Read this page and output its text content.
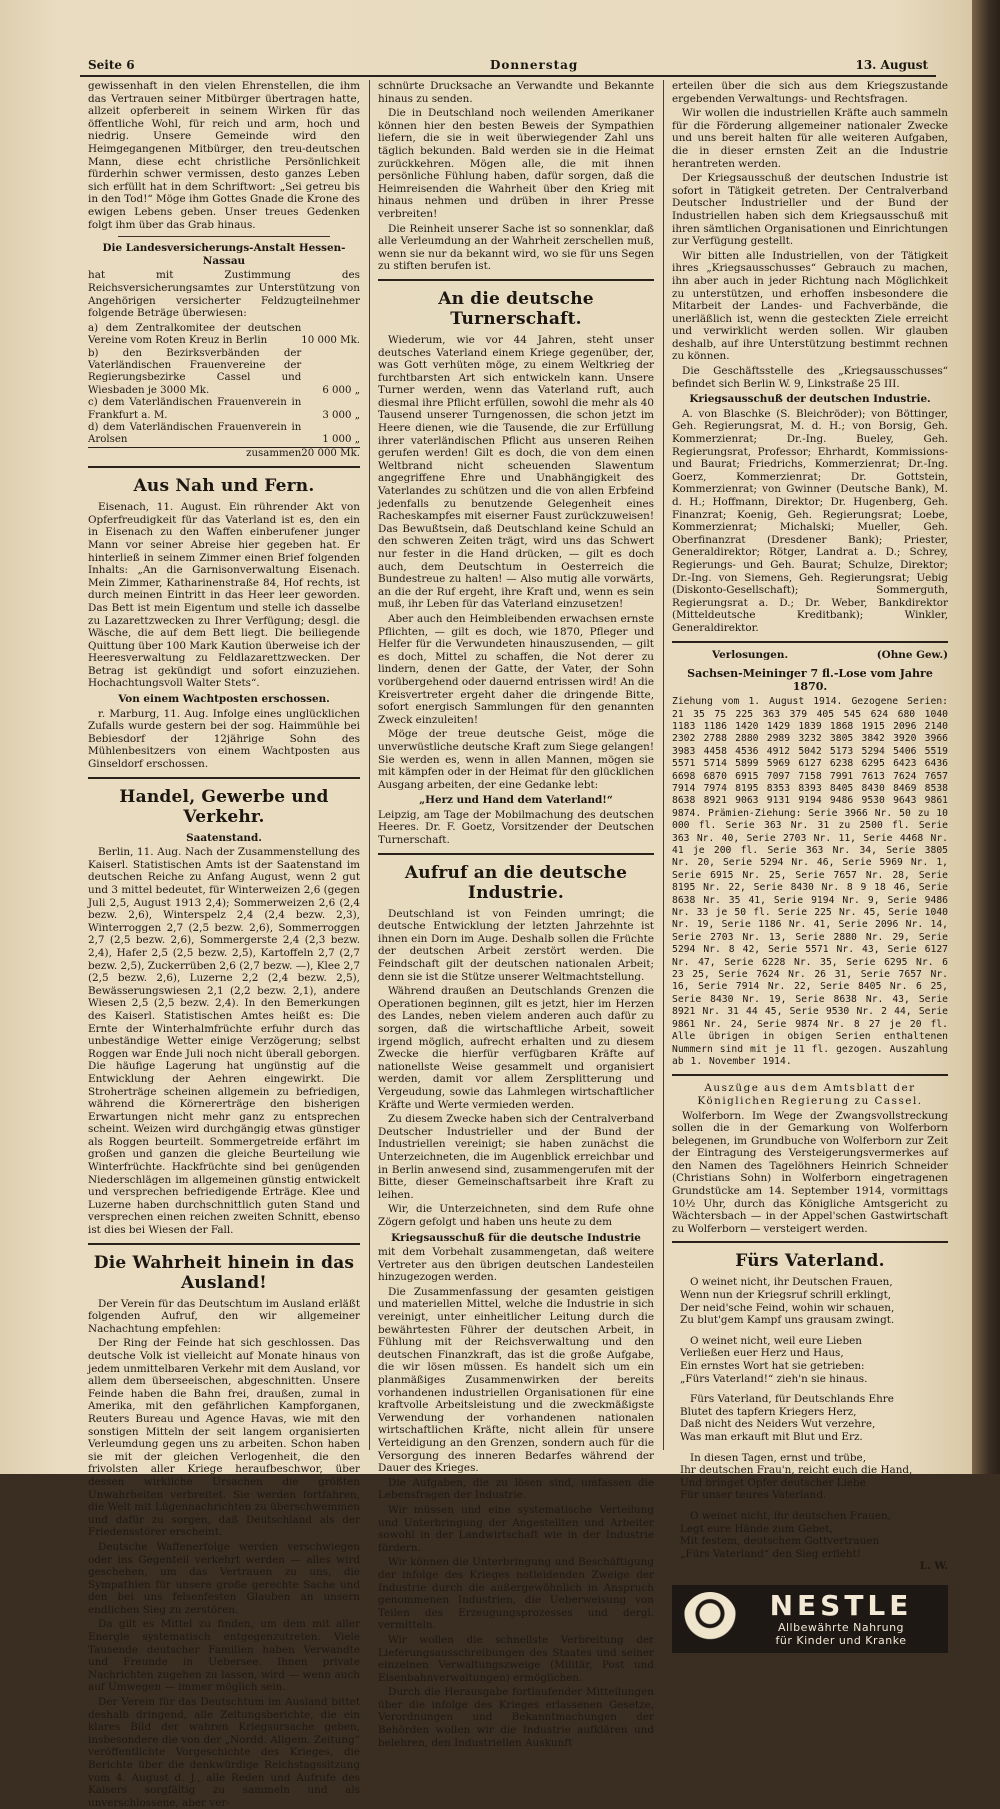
Seite 6	Donnerstag	13. August

gewissenhaft in den vielen Ehrenstellen, die ihm das Vertrauen seiner Mitbürger übertragen hatte, allzeit opferbereit in seinem Wirken für das öffentliche Wohl, für reich und arm, hoch und niedrig. Unsere Gemeinde wird den Heimgegangenen Mitbürger, den treu-deutschen Mann, diese echt christliche Persönlichkeit fürderhin schwer vermissen, desto ganzes Leben sich erfüllt hat in dem Schriftwort: „Sei getreu bis in den Tod!“ Möge ihm Gottes Gnade die Krone des ewigen Lebens geben. Unser treues Gedenken folgt ihm über das Grab hinaus.

Die Landesversicherungs-Anstalt Hessen-Nassau

hat mit Zustimmung des Reichsversicherungsamtes zur Unterstützung von Angehörigen versicherter Feldzugteilnehmer folgende Beträge überwiesen:

a) dem Zentralkomitee der deutschen Vereine vom Roten Kreuz in Berlin	10 000 Mk.
b) den Bezirksverbänden der Vaterländischen Frauenvereine der Regierungsbezirke Cassel und Wiesbaden je 3000 Mk.	6 000 „
c) dem Vaterländischen Frauenverein in Frankfurt a. M.	3 000 „
d) dem Vaterländischen Frauenverein in Arolsen	1 000 „
zusammen	20 000 Mk.
Aus Nah und Fern.

Eisenach, 11. August. Ein rührender Akt von Opferfreudigkeit für das Vaterland ist es, den ein in Eisenach zu den Waffen einberufener junger Mann vor seiner Abreise hier gegeben hat. Er hinterließ in seinem Zimmer einen Brief folgenden Inhalts: „An die Garnisonverwaltung Eisenach. Mein Zimmer, Katharinenstraße 84, Hof rechts, ist durch meinen Eintritt in das Heer leer geworden. Das Bett ist mein Eigentum und stelle ich dasselbe zu Lazarettzwecken zu Ihrer Verfügung; desgl. die Wäsche, die auf dem Bett liegt. Die beiliegende Quittung über 100 Mark Kaution überweise ich der Heeresverwaltung zu Feldlazarettzwecken. Der Betrag ist gekündigt und sofort einzuziehen. Hochachtungsvoll Walter Stets“.

Von einem Wachtposten erschossen.

r. Marburg, 11. Aug. Infolge eines unglücklichen Zufalls wurde gestern bei der sog. Haimmühle bei Bebiesdorf der 12jährige Sohn des Mühlenbesitzers von einem Wachtposten aus Ginseldorf erschossen.

Handel, Gewerbe und Verkehr.
Saatenstand.

Berlin, 11. Aug. Nach der Zusammenstellung des Kaiserl. Statistischen Amts ist der Saatenstand im deutschen Reiche zu Anfang August, wenn 2 gut und 3 mittel bedeutet, für Winterweizen 2,6 (gegen Juli 2,5, August 1913 2,4); Sommerweizen 2,6 (2,4 bezw. 2,6), Winterspelz 2,4 (2,4 bezw. 2,3), Winterroggen 2,7 (2,5 bezw. 2,6), Sommerroggen 2,7 (2,5 bezw. 2,6), Sommergerste 2,4 (2,3 bezw. 2,4), Hafer 2,5 (2,5 bezw. 2,5), Kartoffeln 2,7 (2,7 bezw. 2,5), Zuckerrüben 2,6 (2,7 bezw. —), Klee 2,7 (2,5 bezw. 2,6), Luzerne 2,2 (2,4 bezw. 2,5), Bewässerungswiesen 2,1 (2,2 bezw. 2,1), andere Wiesen 2,5 (2,5 bezw. 2,4). In den Bemerkungen des Kaiserl. Statistischen Amtes heißt es: Die Ernte der Winterhalmfrüchte erfuhr durch das unbeständige Wetter einige Verzögerung; selbst Roggen war Ende Juli noch nicht überall geborgen. Die häufige Lagerung hat ungünstig auf die Entwicklung der Aehren eingewirkt. Die Stroherträge scheinen allgemein zu befriedigen, während die Körnererträge den bisherigen Erwartungen nicht mehr ganz zu entsprechen scheint. Weizen wird durchgängig etwas günstiger als Roggen beurteilt. Sommergetreide erfährt im großen und ganzen die gleiche Beurteilung wie Winterfrüchte. Hackfrüchte sind bei genügenden Niederschlägen im allgemeinen günstig entwickelt und versprechen befriedigende Erträge. Klee und Luzerne haben durchschnittlich guten Stand und versprechen einen reichen zweiten Schnitt, ebenso ist dies bei Wiesen der Fall.

Die Wahrheit hinein in das Ausland!

Der Verein für das Deutschtum im Ausland erläßt folgenden Aufruf, den wir allgemeiner Nachachtung empfehlen:

Der Ring der Feinde hat sich geschlossen. Das deutsche Volk ist vielleicht auf Monate hinaus von jedem unmittelbaren Verkehr mit dem Ausland, vor allem dem überseeischen, abgeschnitten. Unsere Feinde haben die Bahn frei, draußen, zumal in Amerika, mit den gefährlichen Kampforganen, Reuters Bureau und Agence Havas, wie mit den sonstigen Mitteln der seit langem organisierten Verleumdung gegen uns zu arbeiten. Schon haben sie mit der gleichen Verlogenheit, die den frivolsten aller Kriege heraufbeschwor, über dessen wirkliche Ursachen die größten Unwahrheiten verbreitet. Sie werden fortfahren, die Welt mit Lügennachrichten zu überschwemmen und dafür zu sorgen, daß Deutschland als der Friedensstörer erscheint.

Deutsche Waffenerfolge werden verschwiegen oder ins Gegenteil verkehrt werden — alles wird geschehen, um das Vertrauen zu uns, die Sympathien für unsere große gerechte Sache und den bei uns felsenfesten Glauben an unsern endlichen Sieg zu zerstören.

Da gilt es Mittel zu finden, um dem mit aller Energie systematisch entgegenzutreten. Viele Tausende deutscher Familien haben Verwandte und Freunde in Uebersee. Ihnen private Nachrichten zugehen zu lassen, wird — wenn auch auf Umwegen — immer möglich sein.

Der Verein für das Deutschtum im Ausland bittet deshalb dringend, alle Zeitungsberichte, die ein klares Bild der wahren Kriegsursache geben, insbesondere die von der „Nordd. Allgem. Zeitung“ veröffentlichte Vorgeschichte des Krieges, die Berichte über die denkwürdige Reichstagssitzung vom 4. August d. J., alle Reden und Aufrufe des Kaisers sorgfältig zu sammeln und als unverschlossene, aber ver-

schnürte Drucksache an Verwandte und Bekannte hinaus zu senden.

Die in Deutschland noch weilenden Amerikaner können hier den besten Beweis der Sympathien liefern, die sie in weit überwiegender Zahl uns täglich bekunden. Bald werden sie in die Heimat zurückkehren. Mögen alle, die mit ihnen persönliche Fühlung haben, dafür sorgen, daß die Heimreisenden die Wahrheit über den Krieg mit hinaus nehmen und drüben in ihrer Presse verbreiten!

Die Reinheit unserer Sache ist so sonnenklar, daß alle Verleumdung an der Wahrheit zerschellen muß, wenn sie nur da bekannt wird, wo sie für uns Segen zu stiften berufen ist.

An die deutsche Turnerschaft.

Wiederum, wie vor 44 Jahren, steht unser deutsches Vaterland einem Kriege gegenüber, der, was Gott verhüten möge, zu einem Weltkrieg der furchtbarsten Art sich entwickeln kann. Unsere Turner werden, wenn das Vaterland ruft, auch diesmal ihre Pflicht erfüllen, sowohl die mehr als 40 Tausend unserer Turngenossen, die schon jetzt im Heere dienen, wie die Tausende, die zur Erfüllung ihrer vaterländischen Pflicht aus unseren Reihen gerufen werden! Gilt es doch, die von dem einen Weltbrand nicht scheuenden Slawentum angegriffene Ehre und Unabhängigkeit des Vaterlandes zu schützen und die von allen Erbfeind jedenfalls zu benutzende Gelegenheit eines Racheskampfes mit eiserner Faust zurückzuweisen! Das Bewußtsein, daß Deutschland keine Schuld an den schweren Zeiten trägt, wird uns das Schwert nur fester in die Hand drücken, — gilt es doch auch, dem Deutschtum in Oesterreich die Bundestreue zu halten! — Also mutig alle vorwärts, an die der Ruf ergeht, ihre Kraft und, wenn es sein muß, ihr Leben für das Vaterland einzusetzen!

Aber auch den Heimbleibenden erwachsen ernste Pflichten, — gilt es doch, wie 1870, Pfleger und Helfer für die Verwundeten hinauszusenden, — gilt es doch, Mittel zu schaffen, die Not derer zu lindern, denen der Gatte, der Vater, der Sohn vorübergehend oder dauernd entrissen wird! An die Kreisvertreter ergeht daher die dringende Bitte, sofort energisch Sammlungen für den genannten Zweck einzuleiten!

Möge der treue deutsche Geist, möge die unverwüstliche deutsche Kraft zum Siege gelangen! Sie werden es, wenn in allen Mannen, mögen sie mit kämpfen oder in der Heimat für den glücklichen Ausgang arbeiten, der eine Gedanke lebt:

„Herz und Hand dem Vaterland!“

Leipzig, am Tage der Mobilmachung des deutschen Heeres. Dr. F. Goetz, Vorsitzender der Deutschen Turnerschaft.

Aufruf an die deutsche Industrie.

Deutschland ist von Feinden umringt; die deutsche Entwicklung der letzten Jahrzehnte ist ihnen ein Dorn im Auge. Deshalb sollen die Früchte der deutschen Arbeit zerstört werden. Die Feindschaft gilt der deutschen nationalen Arbeit; denn sie ist die Stütze unserer Weltmachtstellung.

Während draußen an Deutschlands Grenzen die Operationen beginnen, gilt es jetzt, hier im Herzen des Landes, neben vielem anderen auch dafür zu sorgen, daß die wirtschaftliche Arbeit, soweit irgend möglich, aufrecht erhalten und zu diesem Zwecke die hierfür verfügbaren Kräfte auf nationellste Weise gesammelt und organisiert werden, damit vor allem Zersplitterung und Vergeudung, sowie das Lahmlegen wirtschaftlicher Kräfte und Werte vermieden werden.

Zu diesem Zwecke haben sich der Centralverband Deutscher Industrieller und der Bund der Industriellen vereinigt; sie haben zunächst die Unterzeichneten, die im Augenblick erreichbar und in Berlin anwesend sind, zusammengerufen mit der Bitte, dieser Gemeinschaftsarbeit ihre Kraft zu leihen.

Wir, die Unterzeichneten, sind dem Rufe ohne Zögern gefolgt und haben uns heute zu dem

Kriegsausschuß für die deutsche Industrie

mit dem Vorbehalt zusammengetan, daß weitere Vertreter aus den übrigen deutschen Landesteilen hinzugezogen werden.

Die Zusammenfassung der gesamten geistigen und materiellen Mittel, welche die Industrie in sich vereinigt, unter einheitlicher Leitung durch die bewährtesten Führer der deutschen Arbeit, in Fühlung mit der Reichsverwaltung und den deutschen Finanzkraft, das ist die große Aufgabe, die wir lösen müssen. Es handelt sich um ein planmäßiges Zusammenwirken der bereits vorhandenen industriellen Organisationen für eine kraftvolle Arbeitsleistung und die zweckmäßigste Verwendung der vorhandenen nationalen wirtschaftlichen Kräfte, nicht allein für unsere Verteidigung an den Grenzen, sondern auch für die Versorgung des inneren Bedarfes während der Dauer des Krieges.

Die Aufgaben, die zu lösen sind, umfassen die Lebensfragen der Industrie.

Wir müssen und eine systematische Verteilung und Unterbringung der Angestellten und Arbeiter sowohl in der Landwirtschaft wie in der Industrie fördern.

Wir können die Unterbringung und Beschäftigung der infolge des Krieges notleidenden Zweige der Industrie durch die außergewöhnlich in Anspruch genommenen Industrien, die Ueberweisung von Teilen des Erzeugungsprozesses und dergl. vermitteln.

Wir wollen die schnellste Verbreitung der Lieferungsausschreibungen des Staates und seiner einzelnen Verwaltungszweige (Militär, Post und Eisenbahnverwaltungen) ermöglichen.

Durch die Herausgabe fortlaufender Mitteilungen über die infolge des Krieges erlassenen Gesetze, Verordnungen und Bekanntmachungen der Behörden wollen wir die Industrie aufklären und belehren, den Industriellen Auskunft

erteilen über die sich aus dem Kriegszustande ergebenden Verwaltungs- und Rechtsfragen.

Wir wollen die industriellen Kräfte auch sammeln für die Förderung allgemeiner nationaler Zwecke und uns bereit halten für alle weiteren Aufgaben, die in dieser ernsten Zeit an die Industrie herantreten werden.

Der Kriegsausschuß der deutschen Industrie ist sofort in Tätigkeit getreten. Der Centralverband Deutscher Industrieller und der Bund der Industriellen haben sich dem Kriegsausschuß mit ihren sämtlichen Organisationen und Einrichtungen zur Verfügung gestellt.

Wir bitten alle Industriellen, von der Tätigkeit ihres „Kriegsausschusses“ Gebrauch zu machen, ihn aber auch in jeder Richtung nach Möglichkeit zu unterstützen, und erhoffen insbesondere die Mitarbeit der Landes- und Fachverbände, die unerläßlich ist, wenn die gesteckten Ziele erreicht und verwirklicht werden sollen. Wir glauben deshalb, auf ihre Unterstützung bestimmt rechnen zu können.

Die Geschäftsstelle des „Kriegsausschusses“ befindet sich Berlin W. 9, Linkstraße 25 III.

Kriegsausschuß der deutschen Industrie.

A. von Blaschke (S. Bleichröder); von Böttinger, Geh. Regierungsrat, M. d. H.; von Borsig, Geh. Kommerzienrat; Dr.-Ing. Bueley, Geh. Regierungsrat, Professor; Ehrhardt, Kommissions- und Baurat; Friedrichs, Kommerzienrat; Dr.-Ing. Goerz, Kommerzienrat; Dr. Gottstein, Kommerzienrat; von Gwinner (Deutsche Bank), M. d. H.; Hoffmann, Direktor; Dr. Hugenberg, Geh. Finanzrat; Koenig, Geh. Regierungsrat; Loebe, Kommerzienrat; Michalski; Mueller, Geh. Oberfinanzrat (Dresdener Bank); Priester, Generaldirektor; Rötger, Landrat a. D.; Schrey, Regierungs- und Geh. Baurat; Schulze, Direktor; Dr.-Ing. von Siemens, Geh. Regierungsrat; Uebig (Diskonto-Gesellschaft); Sommerguth, Regierungsrat a. D.; Dr. Weber, Bankdirektor (Mitteldeutsche Kreditbank); Winkler, Generaldirektor.

Verlosungen.	(Ohne Gew.)
Sachsen-Meininger 7 fl.-Lose vom Jahre 1870.

Ziehung vom 1. August 1914. Gezogene Serien: 21 35 75 225 363 379 405 545 624 680 1040 1183 1186 1420 1429 1839 1868 1915 2096 2140 2302 2788 2880 2989 3232 3805 3842 3920 3966 3983 4458 4536 4912 5042 5173 5294 5406 5519 5571 5714 5899 5969 6127 6238 6295 6423 6436 6698 6870 6915 7097 7158 7991 7613 7624 7657 7914 7974 8195 8353 8393 8405 8430 8469 8538 8638 8921 9063 9131 9194 9486 9530 9643 9861 9874. Prämien-Ziehung: Serie 3966 Nr. 50 zu 10 000 fl. Serie 363 Nr. 31 zu 2500 fl. Serie 363 Nr. 40, Serie 2703 Nr. 11, Serie 4468 Nr. 41 je 200 fl. Serie 363 Nr. 34, Serie 3805 Nr. 20, Serie 5294 Nr. 46, Serie 5969 Nr. 1, Serie 6915 Nr. 25, Serie 7657 Nr. 28, Serie 8195 Nr. 22, Serie 8430 Nr. 8 9 18 46, Serie 8638 Nr. 35 41, Serie 9194 Nr. 9, Serie 9486 Nr. 33 je 50 fl. Serie 225 Nr. 45, Serie 1040 Nr. 19, Serie 1186 Nr. 41, Serie 2096 Nr. 14, Serie 2703 Nr. 13, Serie 2880 Nr. 29, Serie 5294 Nr. 8 42, Serie 5571 Nr. 43, Serie 6127 Nr. 47, Serie 6228 Nr. 35, Serie 6295 Nr. 6 23 25, Serie 7624 Nr. 26 31, Serie 7657 Nr. 16, Serie 7914 Nr. 22, Serie 8405 Nr. 6 25, Serie 8430 Nr. 19, Serie 8638 Nr. 43, Serie 8921 Nr. 31 44 45, Serie 9530 Nr. 2 44, Serie 9861 Nr. 24, Serie 9874 Nr. 8 27 je 20 fl. Alle übrigen in obigen Serien enthaltenen Nummern sind mit je 11 fl. gezogen. Auszahlung ab 1. November 1914.

Auszüge aus dem Amtsblatt der Königlichen Regierung zu Cassel.

Wolferborn. Im Wege der Zwangsvollstreckung sollen die in der Gemarkung von Wolferborn belegenen, im Grundbuche von Wolferborn zur Zeit der Eintragung des Versteigerungsvermerkes auf den Namen des Tagelöhners Heinrich Schneider (Christians Sohn) in Wolferborn eingetragenen Grundstücke am 14. September 1914, vormittags 10½ Uhr, durch das Königliche Amtsgericht zu Wächtersbach — in der Appel'schen Gastwirtschaft zu Wolferborn — versteigert werden.

Fürs Vaterland.
O weinet nicht, ihr Deutschen Frauen,
Wenn nun der Kriegsruf schrill erklingt,
Der neid'sche Feind, wohin wir schauen,
Zu blut'gem Kampf uns grausam zwingt.
O weinet nicht, weil eure Lieben
Verließen euer Herz und Haus,
Ein ernstes Wort hat sie getrieben:
„Fürs Vaterland!“ zieh'n sie hinaus.
Fürs Vaterland, für Deutschlands Ehre
Blutet des tapfern Kriegers Herz,
Daß nicht des Neiders Wut verzehre,
Was man erkauft mit Blut und Erz.
In diesen Tagen, ernst und trübe,
Ihr deutschen Frau'n, reicht euch die Hand,
Und bringet Opfer deutscher Liebe
Für unser teures Vaterland.
O weinet nicht, ihr deutschen Frauen,
Legt eure Hände zum Gebet,
Mit festem, deutschem Gottvertrauen
„Fürs Vaterland“ den Sieg erfleht!
L. W.
NESTLE
Allbewährte Nahrung
für Kinder und Kranke
